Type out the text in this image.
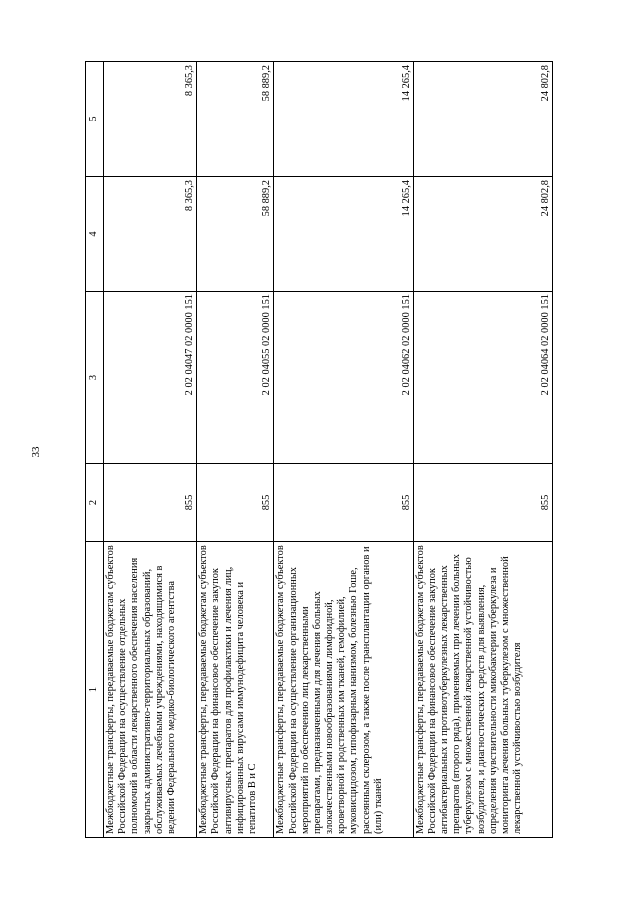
33
1	2	3	4	5
Межбюджетные трансферты, передаваемые бюджетам субъектов Российской Федерации на осуществление отдельных полномочий в области лекарственного обеспечения населения закрытых административно-территориальных образований, обслуживаемых лечебными учреждениями, находящимися в ведении Федерального медико-биологического агентства	855	2 02 04047 02 0000 151	8 365,3	8 365,3
Межбюджетные трансферты, передаваемые бюджетам субъектов Российской Федерации на финансовое обеспечение закупок антивирусных препаратов для профилактики и лечения лиц, инфицированных вирусами иммунодефицита человека и гепатитов B и C	855	2 02 04055 02 0000 151	58 889,2	58 889,2
Межбюджетные трансферты, передаваемые бюджетам субъектов Российской Федерации на осуществление организационных мероприятий по обеспечению лиц лекарственными препаратами, предназначенными для лечения больных злокачественными новообразованиями лимфоидной, кроветворной и родственных им тканей, гемофилией, муковисцидозом, гипофизарным нанизмом, болезнью Гоше, рассеянным склерозом, а также после трансплантации органов и (или) тканей	855	2 02 04062 02 0000 151	14 265,4	14 265,4
Межбюджетные трансферты, передаваемые бюджетам субъектов Российской Федерации на финансовое обеспечение закупок антибактериальных и противотуберкулезных лекарственных препаратов (второго ряда), применяемых при лечении больных туберкулезом с множественной лекарственной устойчивостью возбудителя, и диагностических средств для выявления, определения чувствительности микобактерии туберкулеза и мониторинга лечения больных туберкулезом с множественной лекарственной устойчивостью возбудителя	855	2 02 04064 02 0000 151	24 802,8	24 802,8
